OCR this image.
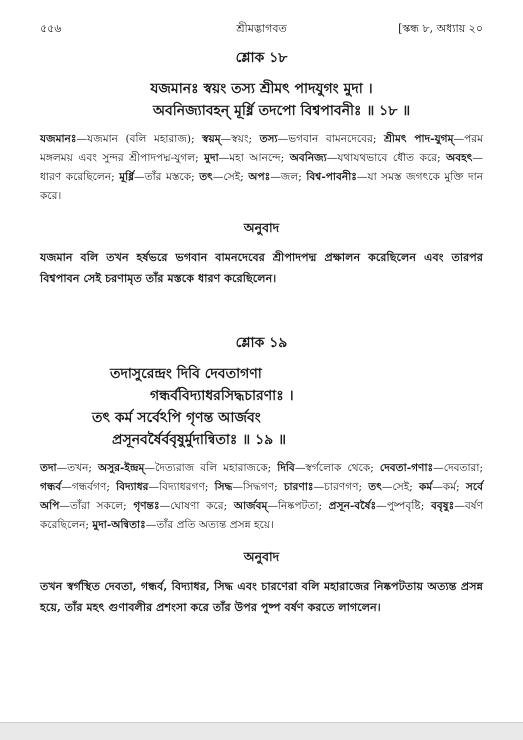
৫৫৬	শ্রীমদ্ভাগবত	[স্কন্ধ ৮, অধ্যায় ২০
শ্লোক ১৮
যজমানঃ স্বয়ং তস্য শ্রীমৎ পাদযুগং মুদা ।
অবনিজ্যাবহন্ মূর্ধ্নি তদপো বিশ্বপাবনীঃ ॥ ১৮ ॥
যজমানঃ—যজমান (বলি মহারাজ); স্বয়ম্—স্বয়ং; তস্য—ভগবান বামনদেবের; শ্রীমৎ পাদ-যুগম্—পরম মঙ্গলময় এবং সুন্দর শ্রীপাদপদ্ম-যুগল; মুদা—মহা আনন্দে; অবনিজ্য—যথাযথভাবে ধৌত করে; অবহৎ—ধারণ করেছিলেন; মূর্ধ্নি—তাঁর মস্তকে; তৎ—সেই; অপঃ—জল; বিশ্ব-পাবনীঃ—যা সমস্ত জগৎকে মুক্তি দান করে।
অনুবাদ
যজমান বলি তখন হর্ষভরে ভগবান বামনদেবের শ্রীপাদপদ্ম প্রক্ষালন করেছিলেন এবং তারপর বিশ্বপাবন সেই চরণামৃত তাঁর মস্তকে ধারণ করেছিলেন।
শ্লোক ১৯
তদাসুরেন্দ্রং দিবি দেবতাগণা
গন্ধর্ববিদ্যাধরসিদ্ধচারণাঃ ।
তৎ কর্ম সর্বেঽপি গৃণন্ত আর্জবং
প্রসূনবর্ষৈর্ববৃষুর্মুদান্বিতাঃ ॥ ১৯ ॥
তদা—তখন; অসুর-ইন্দ্রম্—দৈত্যরাজ বলি মহারাজকে; দিবি—স্বর্গলোক থেকে; দেবতা-গণাঃ—দেবতারা; গন্ধর্ব—গন্ধর্বগণ; বিদ্যাধর—বিদ্যাধরগণ; সিদ্ধ—সিদ্ধগণ; চারণাঃ—চারণগণ; তৎ—সেই; কর্ম—কর্ম; সর্বে অপি—তাঁরা সকলে; গৃণন্তঃ—ঘোষণা করে; আর্জবম্—নিষ্কপটতা; প্রসূন-বর্ষৈঃ—পুষ্পবৃষ্টি; ববৃষুঃ—বর্ষণ করেছিলেন; মুদা-অন্বিতাঃ—তাঁর প্রতি অত্যন্ত প্রসন্ন হয়ে।
অনুবাদ
তখন স্বর্গস্থিত দেবতা, গন্ধর্ব, বিদ্যাধর, সিদ্ধ এবং চারণেরা বলি মহারাজের নিষ্কপটতায় অত্যন্ত প্রসন্ন হয়ে, তাঁর মহৎ গুণাবলীর প্রশংসা করে তাঁর উপর পুষ্প বর্ষণ করতে লাগলেন।
